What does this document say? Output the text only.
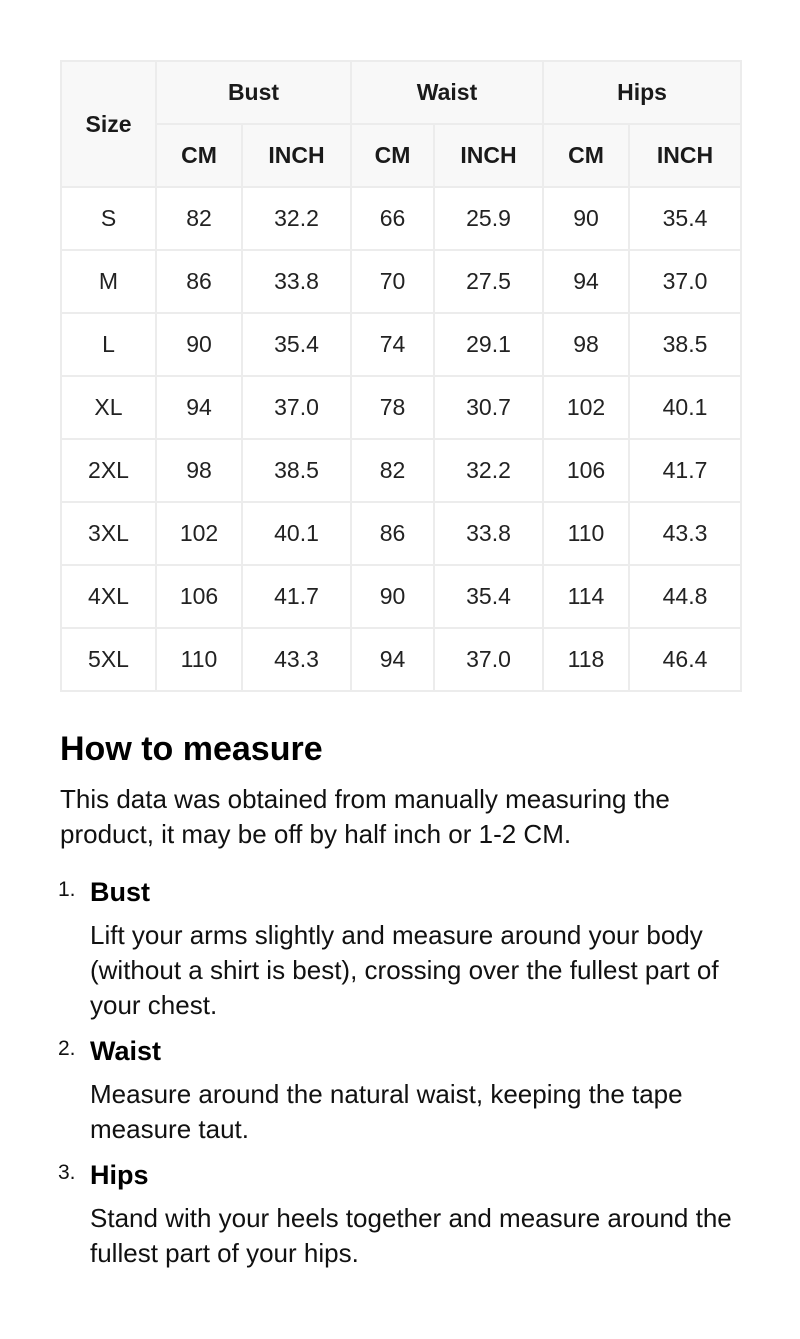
Size	Bust		Waist		Hips	
	CM	INCH	CM	INCH	CM	INCH
S	82	32.2	66	25.9	90	35.4
M	86	33.8	70	27.5	94	37.0
L	90	35.4	74	29.1	98	38.5
XL	94	37.0	78	30.7	102	40.1
2XL	98	38.5	82	32.2	106	41.7
3XL	102	40.1	86	33.8	110	43.3
4XL	106	41.7	90	35.4	114	44.8
5XL	110	43.3	94	37.0	118	46.4
How to measure

This data was obtained from manually measuring the product, it may be off by half inch or 1-2 CM.

1. Bust
Lift your arms slightly and measure around your body (without a shirt is best), crossing over the fullest part of your chest.
2. Waist
Measure around the natural waist, keeping the tape measure taut.
3. Hips
Stand with your heels together and measure around the fullest part of your hips.
